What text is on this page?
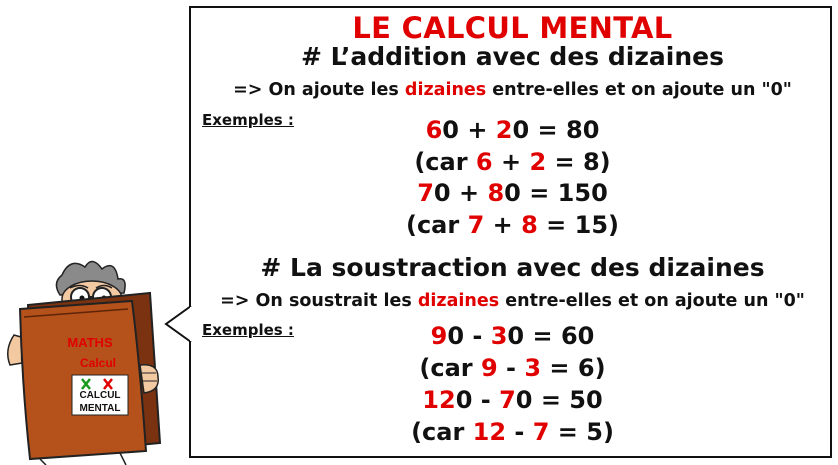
MATHS
Calcul
CALCUL
MENTAL
LE CALCUL MENTAL
# L’addition avec des dizaines
=> On ajoute les dizaines entre-elles et on ajoute un "0"
Exemples :	60 + 20 = 80
(car 6 + 2 = 8)
70 + 80 = 150
(car 7 + 8 = 15)
# La soustraction avec des dizaines
=> On soustrait les dizaines entre-elles et on ajoute un "0"
Exemples :	90 - 30 = 60
(car 9 - 3 = 6)
120 - 70 = 50
(car 12 - 7 = 5)
